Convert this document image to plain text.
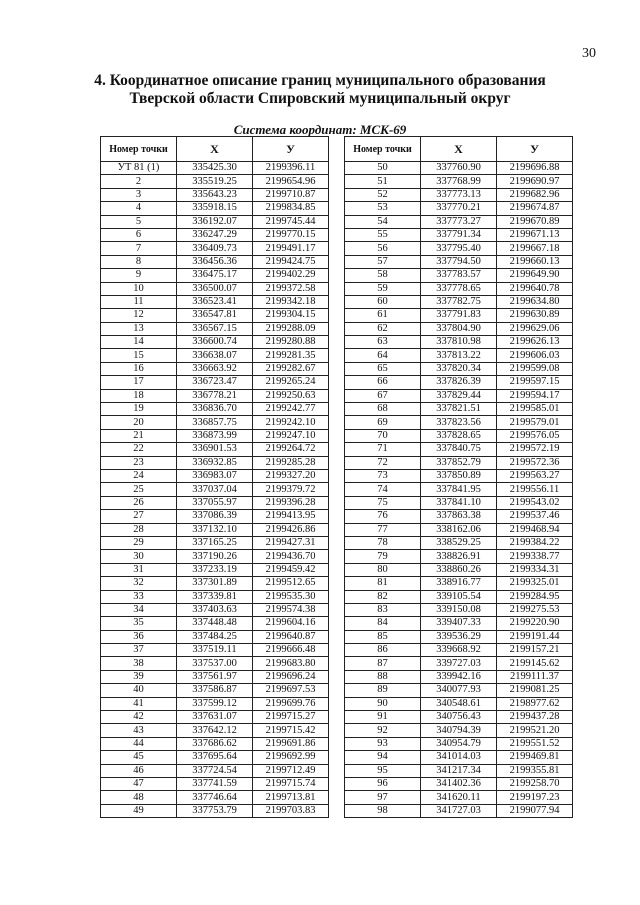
30
4. Координатное описание границ муниципального образования
Тверской области Спировский муниципальный округ
Система координат: МСК-69
Номер точки	X	У
УТ 81 (1)	335425.30	2199396.11
2	335519.25	2199654.96
3	335643.23	2199710.87
4	335918.15	2199834.85
5	336192.07	2199745.44
6	336247.29	2199770.15
7	336409.73	2199491.17
8	336456.36	2199424.75
9	336475.17	2199402.29
10	336500.07	2199372.58
11	336523.41	2199342.18
12	336547.81	2199304.15
13	336567.15	2199288.09
14	336600.74	2199280.88
15	336638.07	2199281.35
16	336663.92	2199282.67
17	336723.47	2199265.24
18	336778.21	2199250.63
19	336836.70	2199242.77
20	336857.75	2199242.10
21	336873.99	2199247.10
22	336901.53	2199264.72
23	336932.85	2199285.28
24	336983.07	2199327.20
25	337037.04	2199379.72
26	337055.97	2199396.28
27	337086.39	2199413.95
28	337132.10	2199426.86
29	337165.25	2199427.31
30	337190.26	2199436.70
31	337233.19	2199459.42
32	337301.89	2199512.65
33	337339.81	2199535.30
34	337403.63	2199574.38
35	337448.48	2199604.16
36	337484.25	2199640.87
37	337519.11	2199666.48
38	337537.00	2199683.80
39	337561.97	2199696.24
40	337586.87	2199697.53
41	337599.12	2199699.76
42	337631.07	2199715.27
43	337642.12	2199715.42
44	337686.62	2199691.86
45	337695.64	2199692.99
46	337724.54	2199712.49
47	337741.59	2199715.74
48	337746.64	2199713.81
49	337753.79	2199703.83
Номер точки	X	У
50	337760.90	2199696.88
51	337768.99	2199690.97
52	337773.13	2199682.96
53	337770.21	2199674.87
54	337773.27	2199670.89
55	337791.34	2199671.13
56	337795.40	2199667.18
57	337794.50	2199660.13
58	337783.57	2199649.90
59	337778.65	2199640.78
60	337782.75	2199634.80
61	337791.83	2199630.89
62	337804.90	2199629.06
63	337810.98	2199626.13
64	337813.22	2199606.03
65	337820.34	2199599.08
66	337826.39	2199597.15
67	337829.44	2199594.17
68	337821.51	2199585.01
69	337823.56	2199579.01
70	337828.65	2199576.05
71	337840.75	2199572.19
72	337852.79	2199572.36
73	337850.89	2199563.27
74	337841.95	2199556.11
75	337841.10	2199543.02
76	337863.38	2199537.46
77	338162.06	2199468.94
78	338529.25	2199384.22
79	338826.91	2199338.77
80	338860.26	2199334.31
81	338916.77	2199325.01
82	339105.54	2199284.95
83	339150.08	2199275.53
84	339407.33	2199220.90
85	339536.29	2199191.44
86	339668.92	2199157.21
87	339727.03	2199145.62
88	339942.16	2199111.37
89	340077.93	2199081.25
90	340548.61	2198977.62
91	340756.43	2199437.28
92	340794.39	2199521.20
93	340954.79	2199551.52
94	341014.03	2199469.81
95	341217.34	2199355.81
96	341402.36	2199258.70
97	341620.11	2199197.23
98	341727.03	2199077.94
